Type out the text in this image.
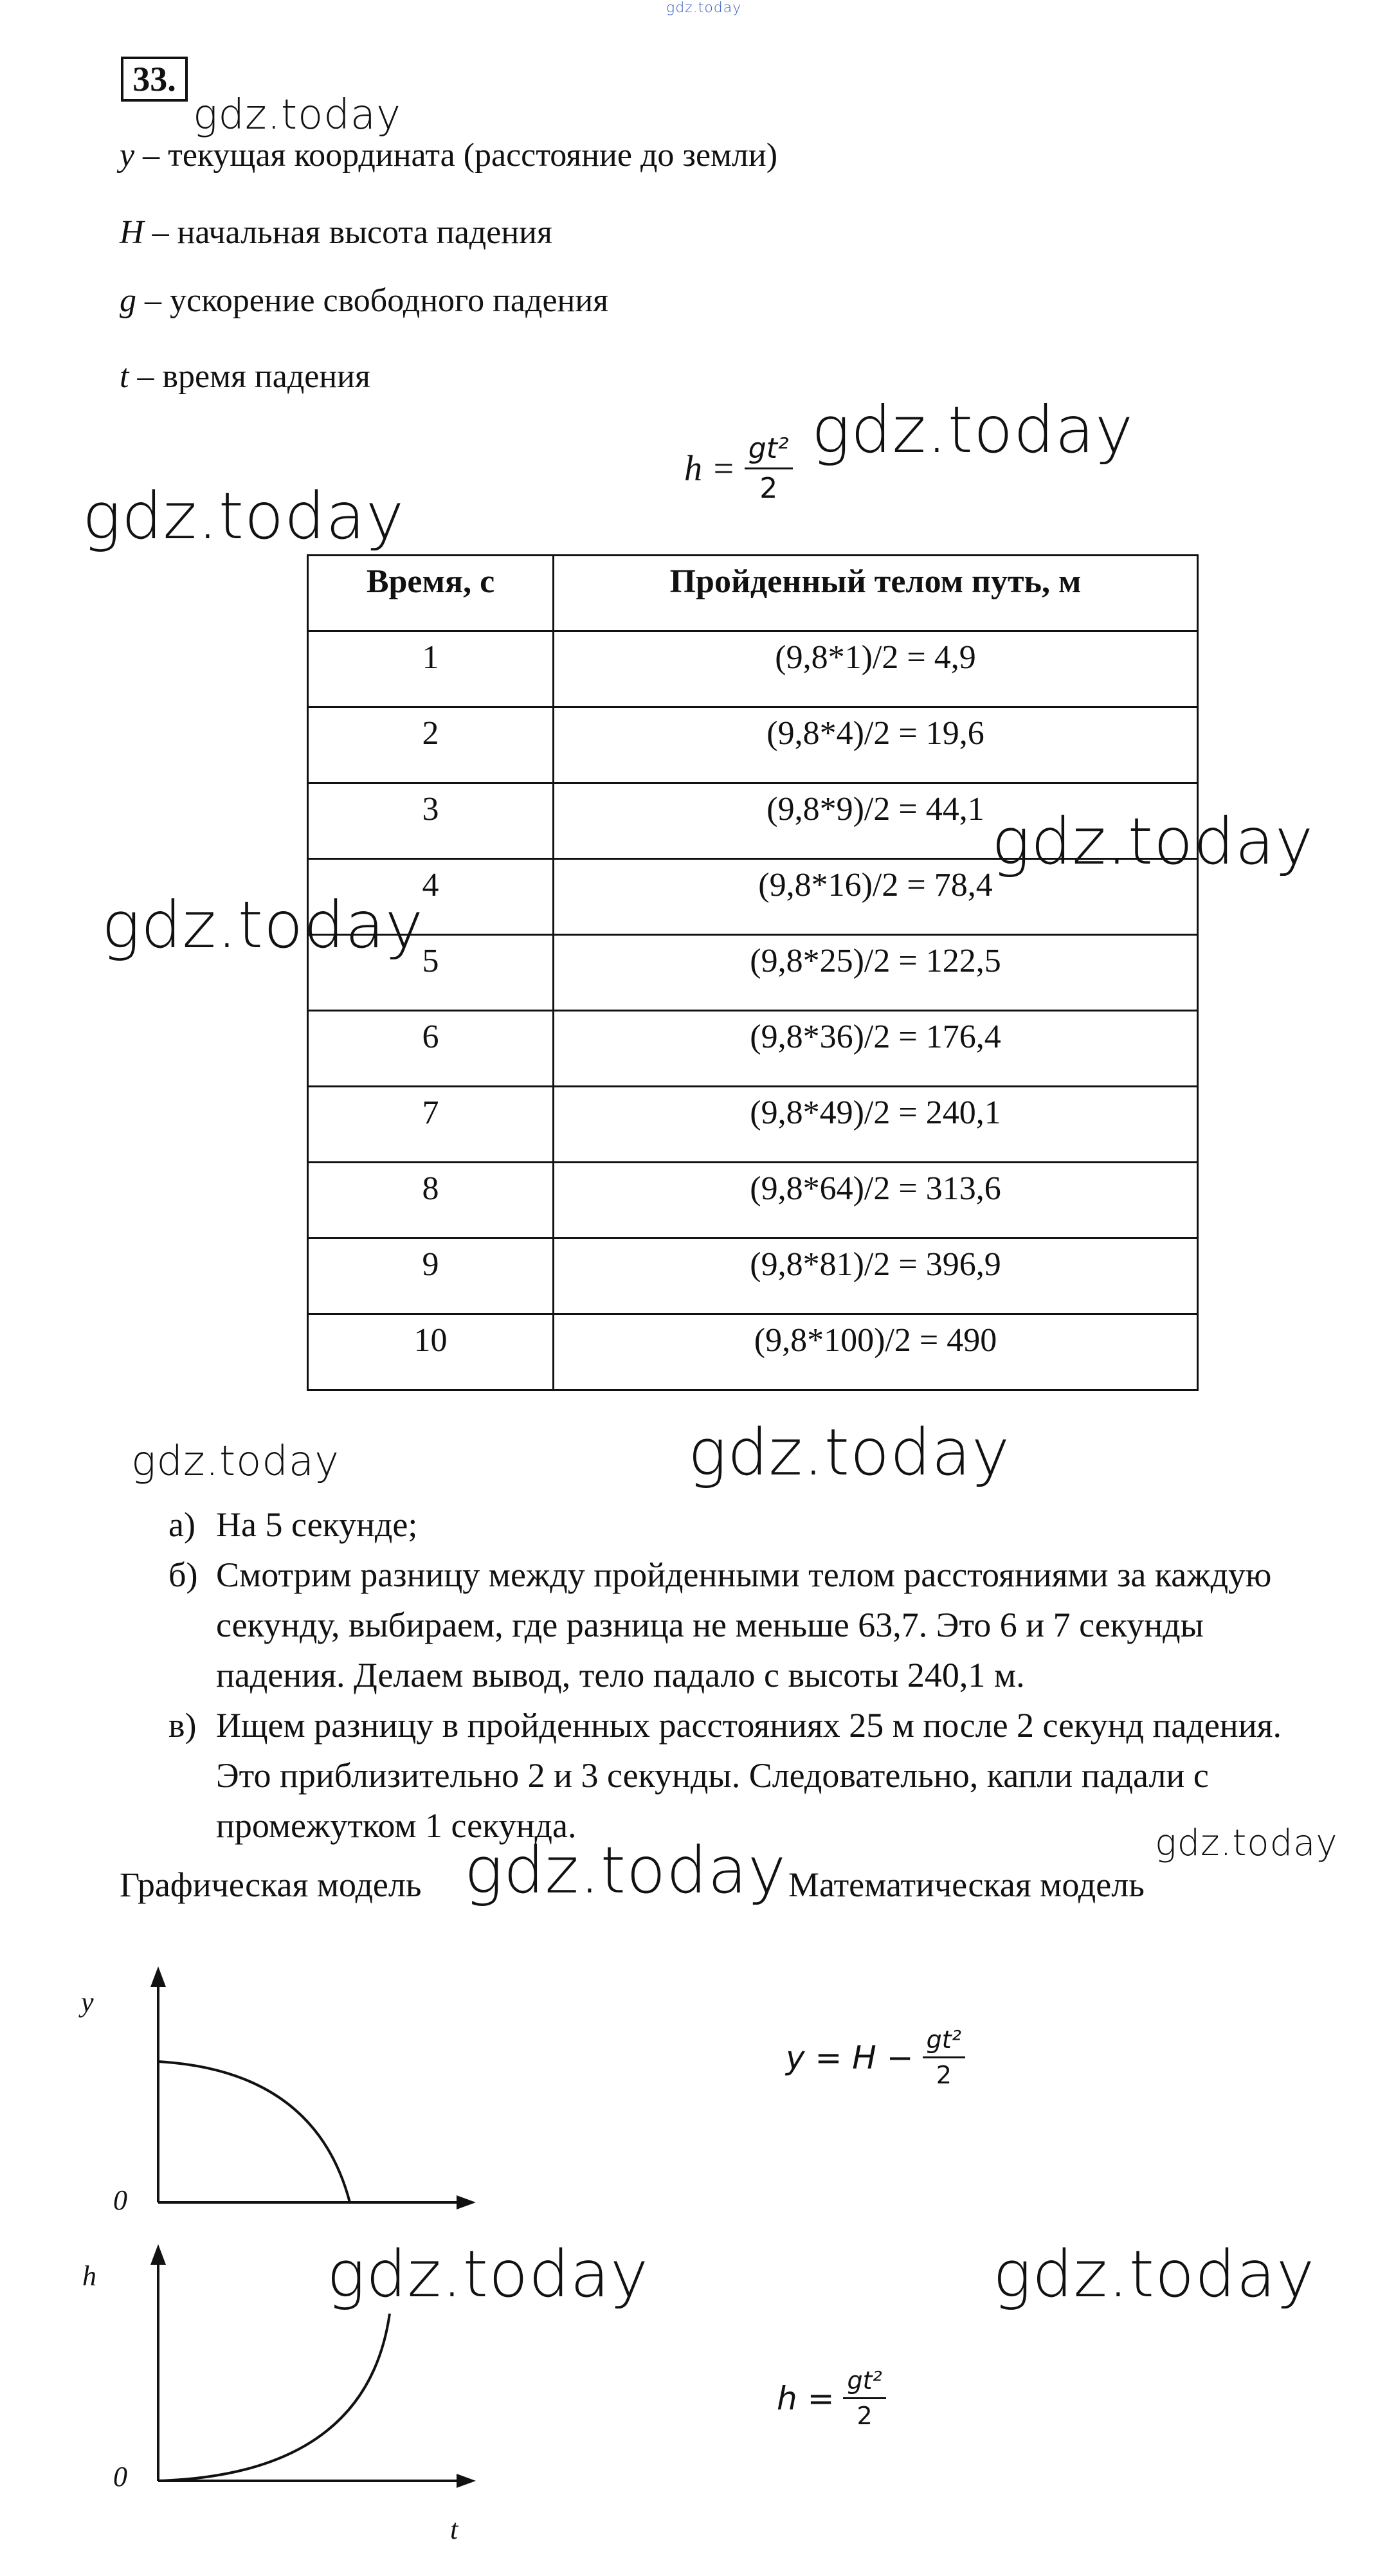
gdz.today
33.
gdz.today
gdz.today
gdz.today
gdz.today
gdz.today
gdz.today	gdz.today
gdz.today
gdz.today
gdz.today	gdz.today
y – текущая координата (расстояние до земли)
H – начальная высота падения
g – ускорение свободного падения
t – время падения
$h = \frac{\text{gt²}}{2}$
Время, с	Пройденный телом путь, м
1	(9,8*1)/2 = 4,9
2	(9,8*4)/2 = 19,6
3	(9,8*9)/2 = 44,1
4	(9,8*16)/2 = 78,4
5	(9,8*25)/2 = 122,5
6	(9,8*36)/2 = 176,4
7	(9,8*49)/2 = 240,1
8	(9,8*64)/2 = 313,6
9	(9,8*81)/2 = 396,9
10	(9,8*100)/2 = 490
а) На 5 секунде;
б) Смотрим разницу между пройденными телом расстояниями за каждую
секунду, выбираем, где разница не меньше 63,7. Это 6 и 7 секунды
падения. Делаем вывод, тело падало с высоты 240,1 м.
в) Ищем разницу в пройденных расстояниях 25 м после 2 секунд падения.
Это приблизительно 2 и 3 секунды. Следовательно, капли падали с
промежутком 1 секунда.
Графическая модель	Математическая модель
y
0
$y = H - \frac{\text{gt²}}{2}$
h
0
t
$h = \frac{\text{gt²}}{2}$
